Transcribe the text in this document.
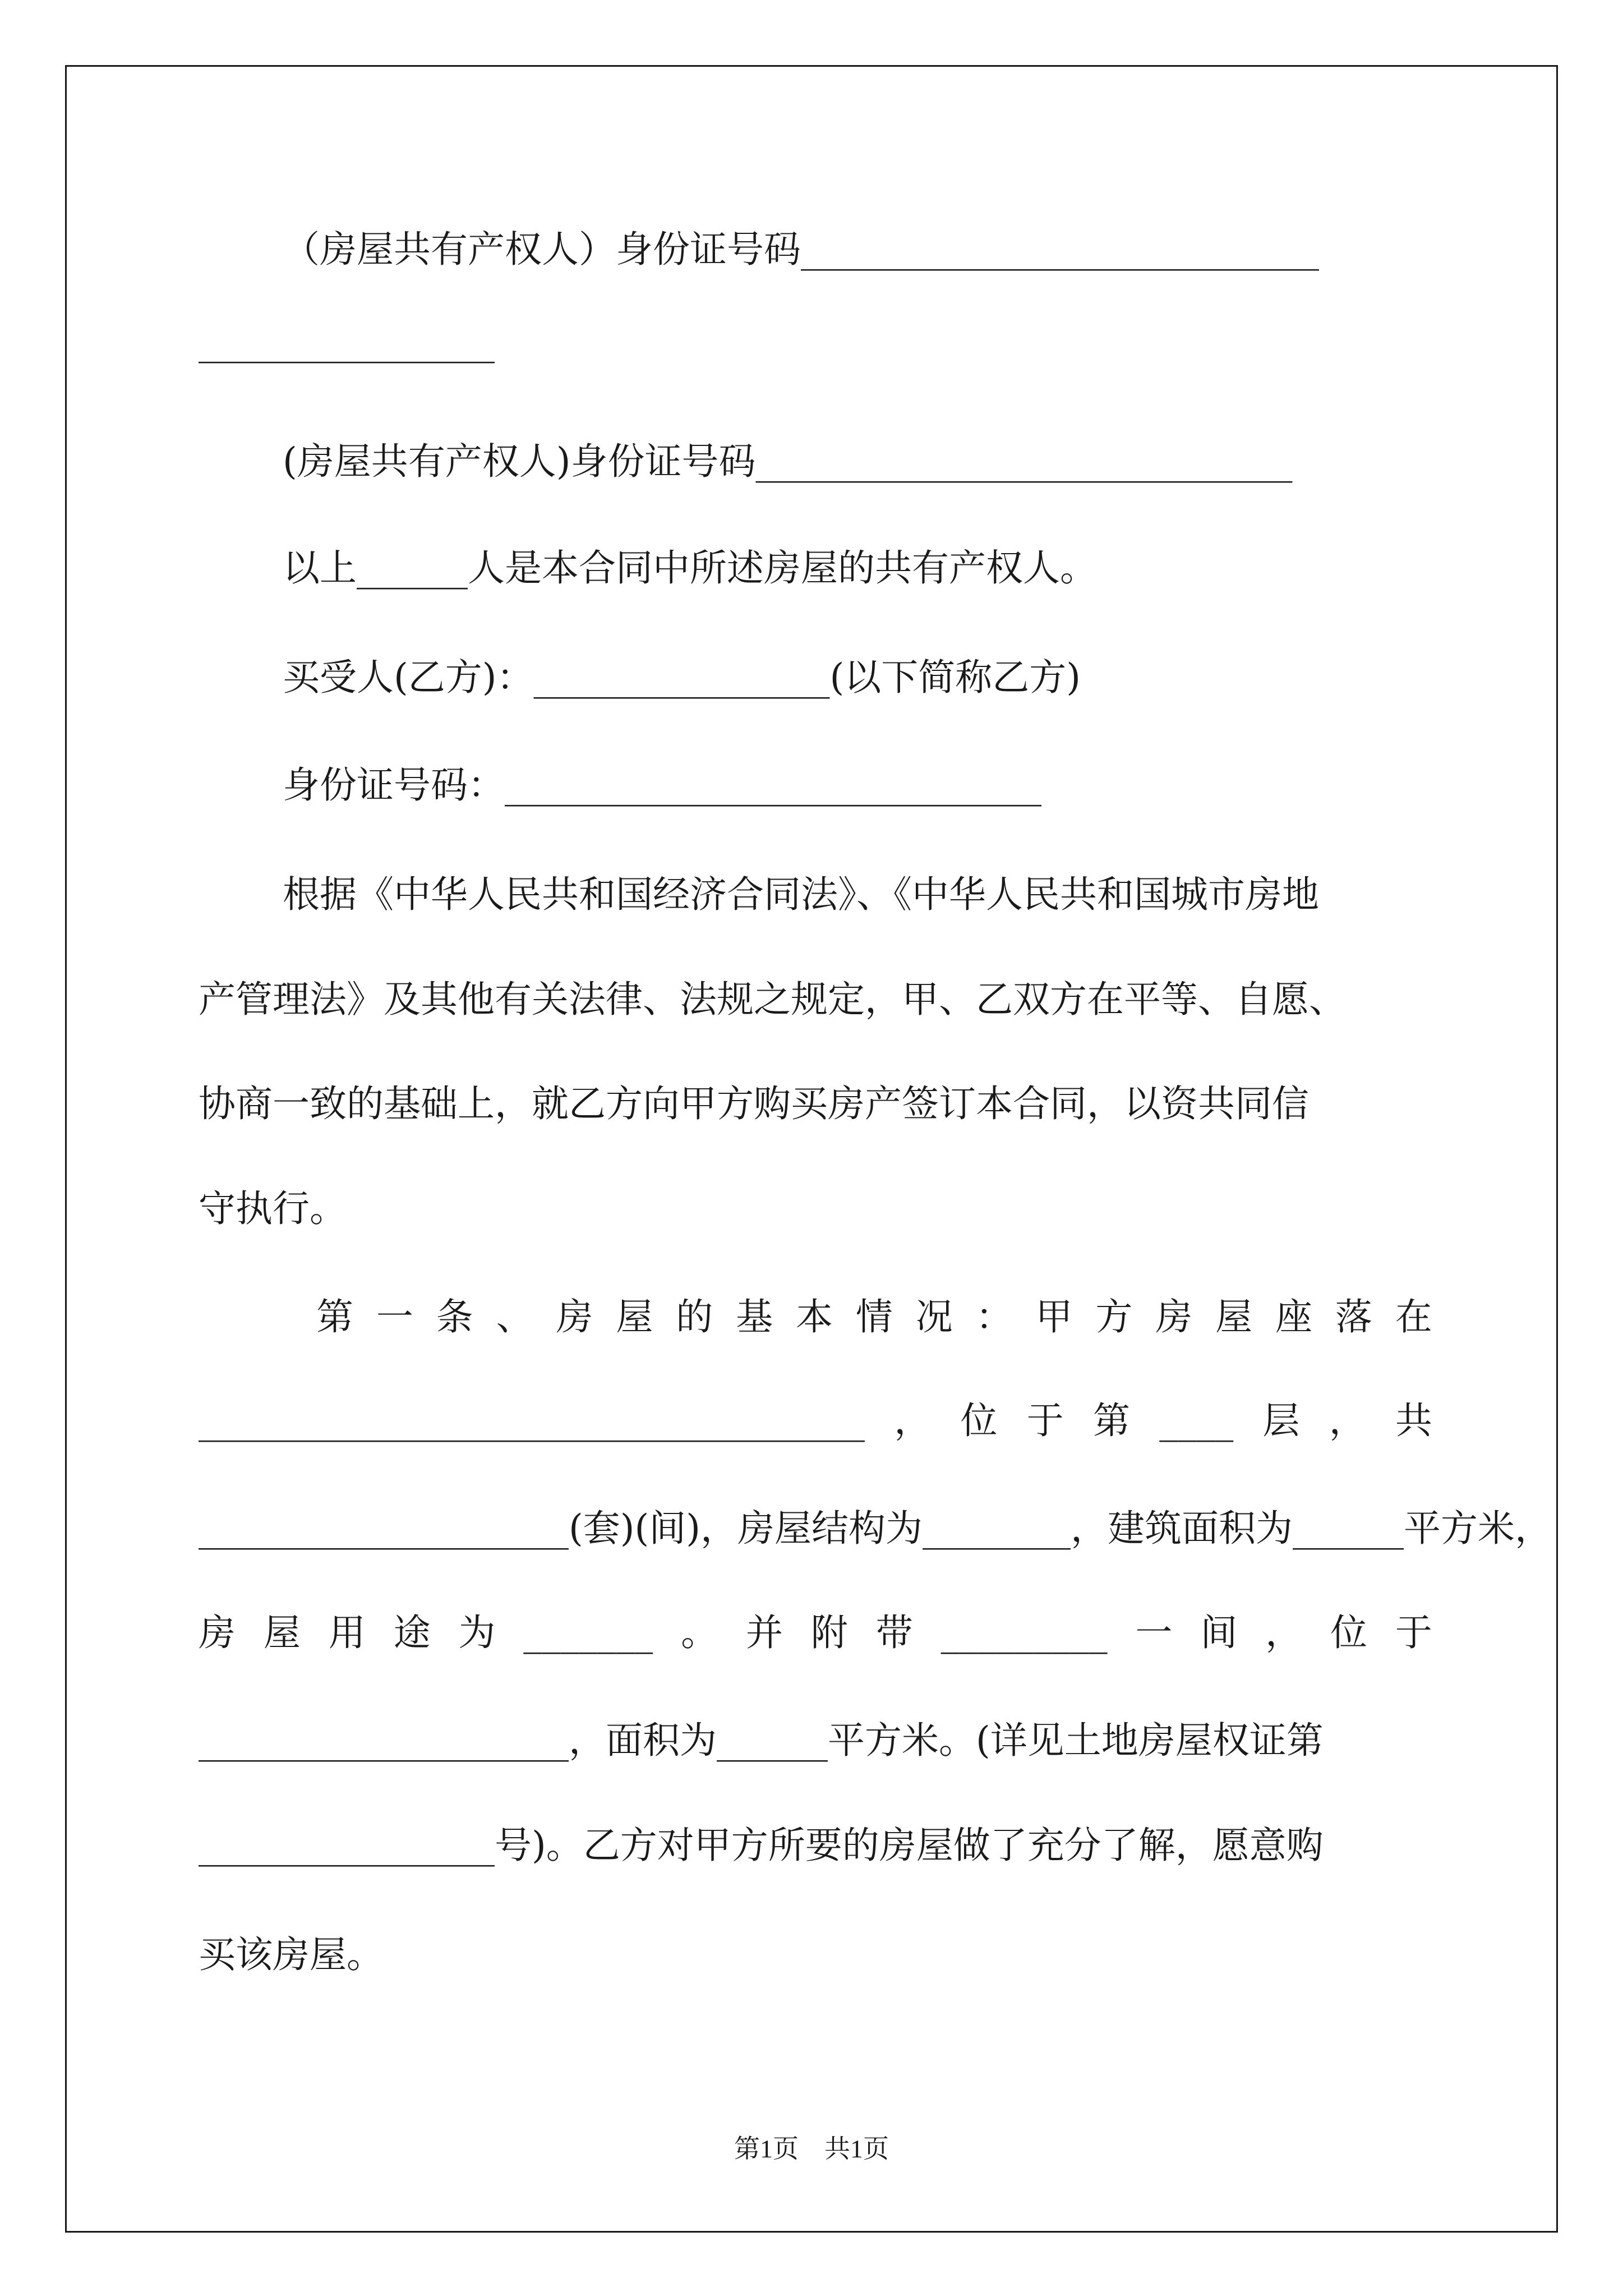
（房屋共有产权人）身份证号码____________________________
________________
(房屋共有产权人)身份证号码_____________________________
以上______人是本合同中所述房屋的共有产权人。
买受人(乙方)：________________(以下简称乙方)
身份证号码：_____________________________
根据《中华人民共和国经济合同法》、《中华人民共和国城市房地
产管理法》及其他有关法律、法规之规定，甲、乙双方在平等、自愿、
协商一致的基础上，就乙方向甲方购买房产签订本合同，以资共同信
守执行。
第 一 条 、 房 屋 的 基 本 情 况 ： 甲 方 房 屋 座 落 在
____________________________________ ， 位 于 第 ____ 层 ， 共
____________________(套)(间)，房屋结构为________，建筑面积为______平方米，
房 屋 用 途 为 _______ 。 并 附 带 _________ 一 间 ， 位 于
____________________，面积为______平方米。(详见土地房屋权证第
________________号)。乙方对甲方所要的房屋做了充分了解，愿意购
买该房屋。
第1页　共1页
